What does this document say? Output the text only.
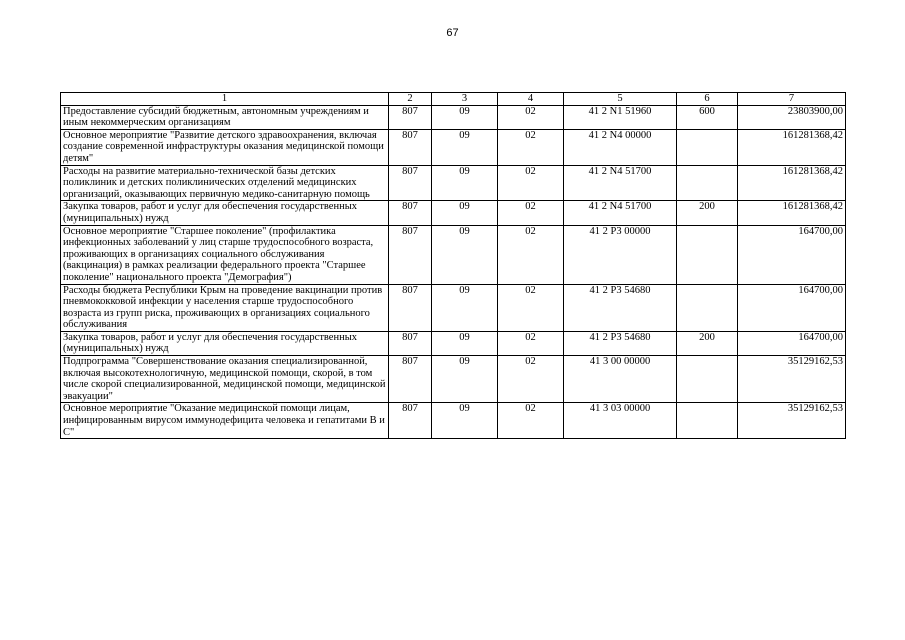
67
1	2	3	4	5	6	7
Предоставление субсидий бюджетным, автономным учреждениям и иным некоммерческим организациям	807	09	02	41 2 N1 51960	600	23803900,00
Основное мероприятие "Развитие детского здравоохранения, включая создание современной инфраструктуры оказания медицинской помощи детям"	807	09	02	41 2 N4 00000		161281368,42
Расходы на развитие материально-технической базы детских поликлиник и детских поликлинических отделений медицинских организаций, оказывающих первичную медико-санитарную помощь	807	09	02	41 2 N4 51700		161281368,42
Закупка товаров, работ и услуг для обеспечения государственных (муниципальных) нужд	807	09	02	41 2 N4 51700	200	161281368,42
Основное мероприятие "Старшее поколение" (профилактика инфекционных заболеваний у лиц старше трудоспособного возраста, проживающих в организациях социального обслуживания (вакцинация) в рамках реализации федерального проекта "Старшее поколение" национального проекта "Демография")	807	09	02	41 2 P3 00000		164700,00
Расходы бюджета Республики Крым на проведение вакцинации против пневмококковой инфекции у населения старше трудоспособного возраста из групп риска, проживающих в организациях социального обслуживания	807	09	02	41 2 P3 54680		164700,00
Закупка товаров, работ и услуг для обеспечения государственных (муниципальных) нужд	807	09	02	41 2 P3 54680	200	164700,00
Подпрограмма "Совершенствование оказания специализированной, включая высокотехнологичную, медицинской помощи, скорой, в том числе скорой специализированной, медицинской помощи, медицинской эвакуации"	807	09	02	41 3 00 00000		35129162,53
Основное мероприятие "Оказание медицинской помощи лицам, инфицированным вирусом иммунодефицита человека и гепатитами В и С"	807	09	02	41 3 03 00000		35129162,53
